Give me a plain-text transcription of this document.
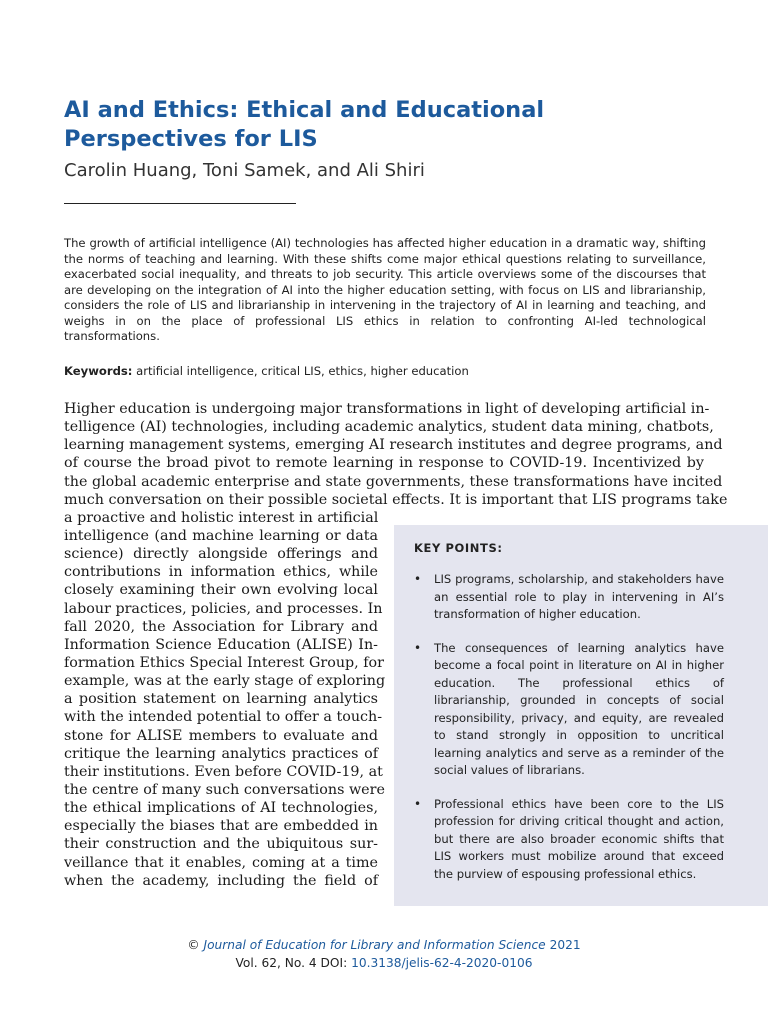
AI and Ethics: Ethical and Educational Perspectives for LIS
Carolin Huang, Toni Samek, and Ali Shiri

The growth of artificial intelligence (AI) technologies has affected higher education in a dramatic way, shifting the norms of teaching and learning. With these shifts come major ethical questions relating to surveillance, exacerbated social inequality, and threats to job security. This article overviews some of the discourses that are developing on the integration of AI into the higher education setting, with focus on LIS and librarianship, considers the role of LIS and librarianship in intervening in the trajectory of AI in learning and teaching, and weighs in on the place of professional LIS ethics in relation to confronting AI-led technological transformations.

Keywords: artificial intelligence, critical LIS, ethics, higher education
Higher education is undergoing major transformations in light of developing artificial in-
telligence (AI) technologies, including academic analytics, student data mining, chatbots,
learning management systems, emerging AI research institutes and degree programs, and
of course the broad pivot to remote learning in response to COVID-19. Incentivized by
the global academic enterprise and state governments, these transformations have incited
much conversation on their possible societal effects. It is important that LIS programs take
a proactive and holistic interest in artificial
intelligence (and machine learning or data
science) directly alongside offerings and
contributions in information ethics, while
closely examining their own evolving local
labour practices, policies, and processes. In
fall 2020, the Association for Library and
Information Science Education (ALISE) In-
formation Ethics Special Interest Group, for
example, was at the early stage of exploring
a position statement on learning analytics
with the intended potential to offer a touch-
stone for ALISE members to evaluate and
critique the learning analytics practices of
their institutions. Even before COVID-19, at
the centre of many such conversations were
the ethical implications of AI technologies,
especially the biases that are embedded in
their construction and the ubiquitous sur-
veillance that it enables, coming at a time
when the academy, including the field of
KEY POINTS:
• LIS programs, scholarship, and stakeholders have an essential role to play in intervening in AI’s transformation of higher education.
• The consequences of learning analytics have become a focal point in literature on AI in higher education. The professional ethics of librarianship, grounded in concepts of social responsibility, privacy, and equity, are revealed to stand strongly in opposition to uncritical learning analytics and serve as a reminder of the social values of librarians.
• Professional ethics have been core to the LIS profession for driving critical thought and action, but there are also broader economic shifts that LIS workers must mobilize around that exceed the purview of espousing professional ethics.
© Journal of Education for Library and Information Science 2021
Vol. 62, No. 4 DOI: 10.3138/jelis-62-4-2020-0106
